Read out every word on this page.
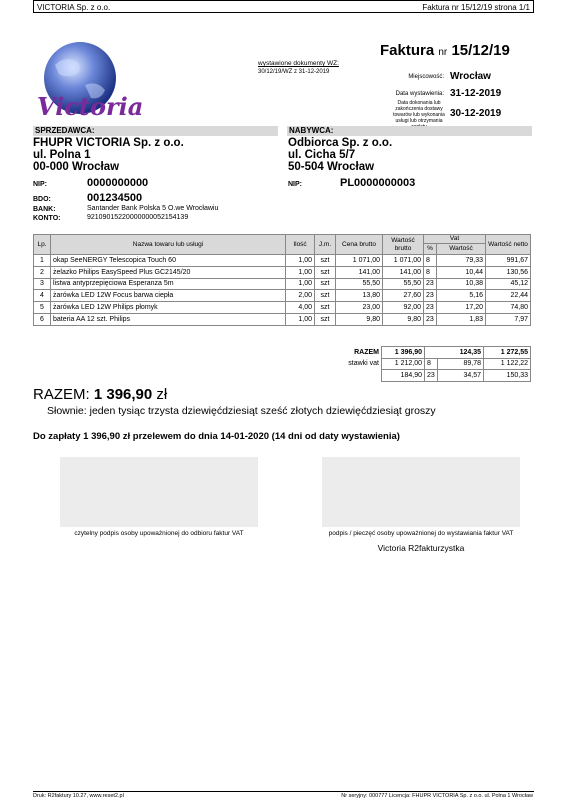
VICTORIA Sp. z o.o.	Faktura nr 15/12/19 strona 1/1
Victoria
wystawione dokumenty WZ:
30/12/19/WZ z 31-12-2019
Faktura nr 15/12/19
Miejscowość: Wrocław
Data wystawienia: 31-12-2019
Data dokonania lub zakończenia dostawy towarów lub wykonania usługi lub otrzymania
30-12-2019
SPRZEDAWCA:
FHUPR VICTORIA Sp. z o.o.
ul. Polna 1
00-000 Wrocław
NIP:	0000000000
BDO:	001234500
BANK:	Santander Bank Polska 5 O.we Wrocławiu
KONTO:	92109015220000000052154139
NABYWCA:
Odbiorca Sp. z o.o.
ul. Cicha 5/7
50-504 Wrocław
NIP:	PL0000000003
Lp.	Nazwa towaru lub usługi	Ilość	J.m.	Cena brutto	Wartość brutto	Vat		Wartość netto
						%	Wartość	
1	okap SeeNERGY Telescopica Touch 60	1,00	szt	1 071,00	1 071,00	8	79,33	991,67
2	żelazko Philips EasySpeed Plus GC2145/20	1,00	szt	141,00	141,00	8	10,44	130,56
3	listwa antyprzepięciowa Esperanza 5m	1,00	szt	55,50	55,50	23	10,38	45,12
4	żarówka LED 12W Focus barwa ciepła	2,00	szt	13,80	27,60	23	5,16	22,44
5	żarówka LED 12W Philips płomyk	4,00	szt	23,00	92,00	23	17,20	74,80
6	bateria AA 12 szt. Philips	1,00	szt	9,80	9,80	23	1,83	7,97
RAZEM	1 396,90	124,35		1 272,55
stawki vat	1 212,00	8	89,78	1 122,22
	184,90	23	34,57	150,33
RAZEM: 1 396,90 zł
Słownie: jeden tysiąc trzysta dziewięćdziesiąt sześć złotych dziewięćdziesiąt groszy
Do zapłaty 1 396,90 zł przelewem do dnia 14-01-2020 (14 dni od daty wystawienia)
czytelny podpis osoby upoważnionej do odbioru faktur VAT	podpis / pieczęć osoby upoważnionej do wystawiania faktur VAT
Victoria R2fakturzystka
Druk: R2faktury 10.27, www.reset2.pl	Nr seryjny: 000777 Licencja: FHUPR VICTORIA Sp. z o.o. ul. Polna 1 Wrocław
